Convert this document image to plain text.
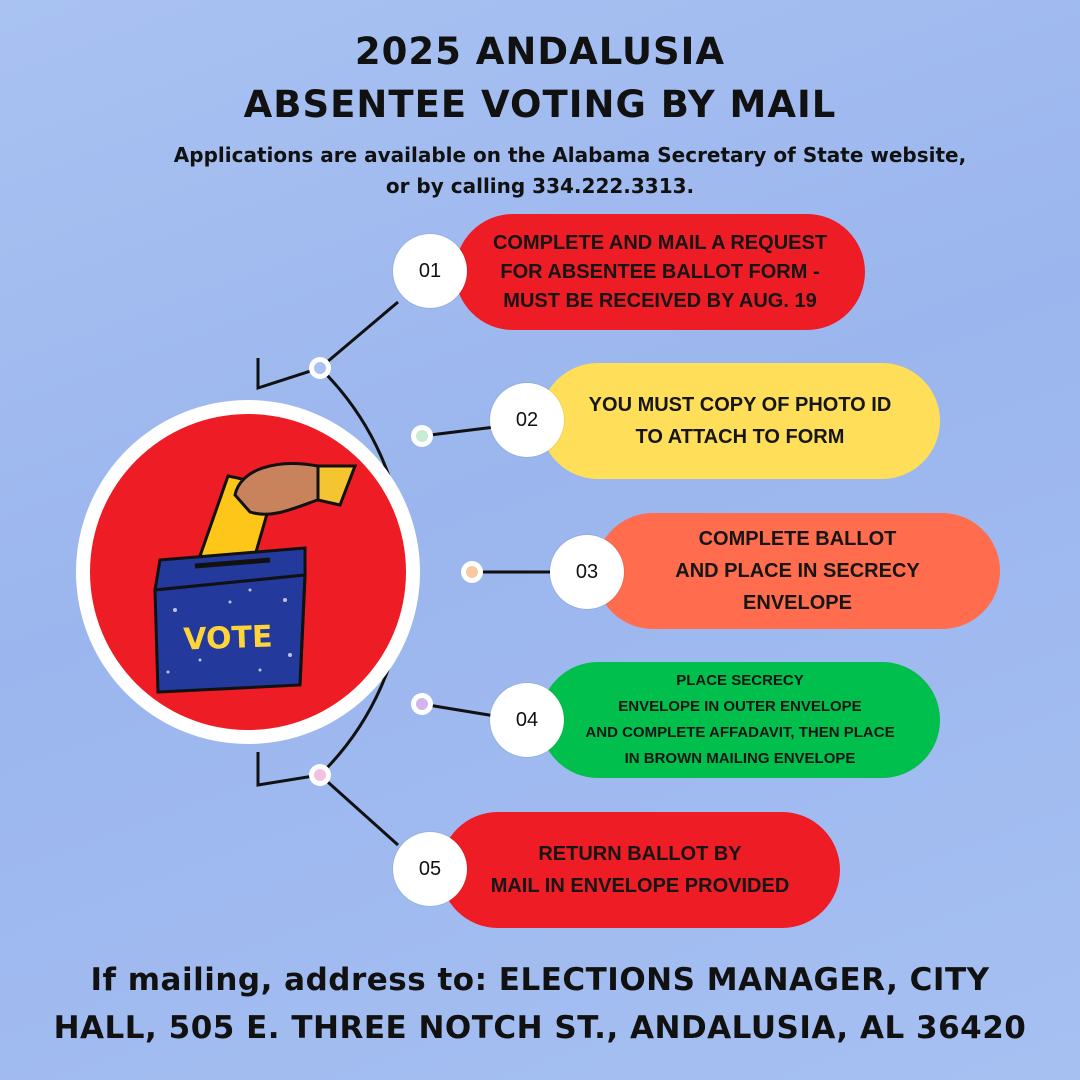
2025 ANDALUSIA
ABSENTEE VOTING BY MAIL
Applications are available on the Alabama Secretary of State website,
or by calling 334.222.3313.
VOTE
COMPLETE AND MAIL A REQUEST
FOR ABSENTEE BALLOT FORM -
MUST BE RECEIVED BY AUG. 19
01
YOU MUST COPY OF PHOTO ID
TO ATTACH TO FORM
02
COMPLETE BALLOT
AND PLACE IN SECRECY
ENVELOPE
03
PLACE SECRECY
ENVELOPE IN OUTER ENVELOPE
AND COMPLETE AFFADAVIT, THEN PLACE
IN BROWN MAILING ENVELOPE
04
RETURN BALLOT BY
MAIL IN ENVELOPE PROVIDED
05
If mailing, address to: ELECTIONS MANAGER, CITY
HALL, 505 E. THREE NOTCH ST., ANDALUSIA, AL 36420
